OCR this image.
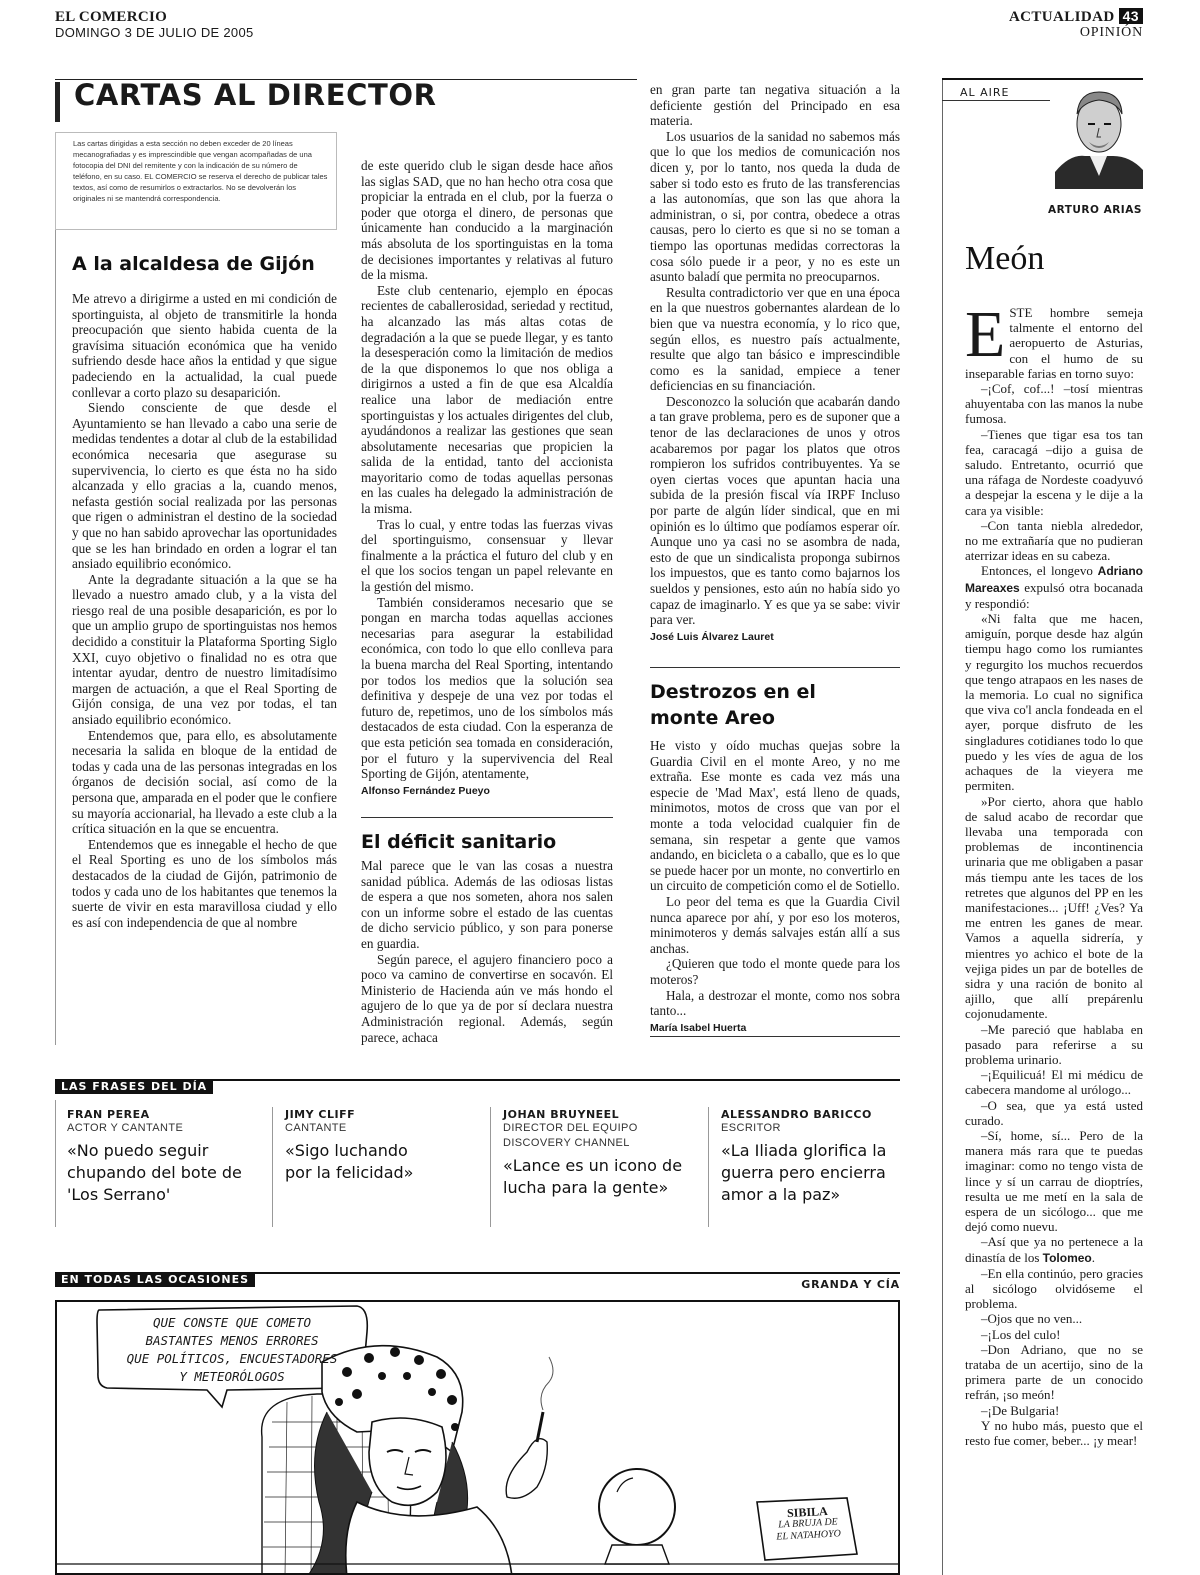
EL COMERCIO
DOMINGO 3 DE JULIO DE 2005
ACTUALIDAD 43
OPINIÓN
CARTAS AL DIRECTOR
Las cartas dirigidas a esta sección no deben exceder de 20 líneas mecanografiadas y es imprescindible que vengan acompañadas de una fotocopia del DNI del remitente y con la indicación de su número de teléfono, en su caso. EL COMERCIO se reserva el derecho de publicar tales textos, así como de resumirlos o extractarlos. No se devolverán los originales ni se mantendrá correspondencia.
A la alcaldesa de Gijón

Me atrevo a dirigirme a usted en mi condición de sportinguista, al objeto de transmitirle la honda preocupación que siento habida cuenta de la gravísima situación económica que ha venido sufriendo desde hace años la entidad y que sigue padeciendo en la actualidad, la cual puede conllevar a corto plazo su desaparición.

Siendo consciente de que desde el Ayuntamiento se han llevado a cabo una serie de medidas tendentes a dotar al club de la estabilidad económica necesaria que asegurase su supervivencia, lo cierto es que ésta no ha sido alcanzada y ello gracias a la, cuando menos, nefasta gestión social realizada por las personas que rigen o administran el destino de la sociedad y que no han sabido aprovechar las oportunidades que se les han brindado en orden a lograr el tan ansiado equilibrio económico.

Ante la degradante situación a la que se ha llevado a nuestro amado club, y a la vista del riesgo real de una posible desaparición, es por lo que un amplio grupo de sportinguistas nos hemos decidido a constituir la Plataforma Sporting Siglo XXI, cuyo objetivo o finalidad no es otra que intentar ayudar, dentro de nuestro limitadísimo margen de actuación, a que el Real Sporting de Gijón consiga, de una vez por todas, el tan ansiado equilibrio económico.

Entendemos que, para ello, es absolutamente necesaria la salida en bloque de la entidad de todas y cada una de las personas integradas en los órganos de decisión social, así como de la persona que, amparada en el poder que le confiere su mayoría accionarial, ha llevado a este club a la crítica situación en la que se encuentra.

Entendemos que es innegable el hecho de que el Real Sporting es uno de los símbolos más destacados de la ciudad de Gijón, patrimonio de todos y cada uno de los habitantes que tenemos la suerte de vivir en esta maravillosa ciudad y ello es así con independencia de que al nombre

de este querido club le sigan desde hace años las siglas SAD, que no han hecho otra cosa que propiciar la entrada en el club, por la fuerza o poder que otorga el dinero, de personas que únicamente han conducido a la marginación más absoluta de los sportinguistas en la toma de decisiones importantes y relativas al futuro de la misma.

Este club centenario, ejemplo en épocas recientes de caballerosidad, seriedad y rectitud, ha alcanzado las más altas cotas de degradación a la que se puede llegar, y es tanto la desesperación como la limitación de medios de la que disponemos lo que nos obliga a dirigirnos a usted a fin de que esa Alcaldía realice una labor de mediación entre sportinguistas y los actuales dirigentes del club, ayudándonos a realizar las gestiones que sean absolutamente necesarias que propicien la salida de la entidad, tanto del accionista mayoritario como de todas aquellas personas en las cuales ha delegado la administración de la misma.

Tras lo cual, y entre todas las fuerzas vivas del sportinguismo, consensuar y llevar finalmente a la práctica el futuro del club y en el que los socios tengan un papel relevante en la gestión del mismo.

También consideramos necesario que se pongan en marcha todas aquellas acciones necesarias para asegurar la estabilidad económica, con todo lo que ello conlleva para la buena marcha del Real Sporting, intentando por todos los medios que la solución sea definitiva y despeje de una vez por todas el futuro de, repetimos, uno de los símbolos más destacados de esta ciudad. Con la esperanza de que esta petición sea tomada en consideración, por el futuro y la supervivencia del Real Sporting de Gijón, atentamente,

Alfonso Fernández Pueyo

El déficit sanitario

Mal parece que le van las cosas a nuestra sanidad pública. Además de las odiosas listas de espera a que nos someten, ahora nos salen con un informe sobre el estado de las cuentas de dicho servicio público, y son para ponerse en guardia.

Según parece, el agujero financiero poco a poco va camino de convertirse en socavón. El Ministerio de Hacienda aún ve más hondo el agujero de lo que ya de por sí declara nuestra Administración regional. Además, según parece, achaca

en gran parte tan negativa situación a la deficiente gestión del Principado en esa materia.

Los usuarios de la sanidad no sabemos más que lo que los medios de comunicación nos dicen y, por lo tanto, nos queda la duda de saber si todo esto es fruto de las transferencias a las autonomías, que son las que ahora la administran, o si, por contra, obedece a otras causas, pero lo cierto es que si no se toman a tiempo las oportunas medidas correctoras la cosa sólo puede ir a peor, y no es este un asunto baladí que permita no preocuparnos.

Resulta contradictorio ver que en una época en la que nuestros gobernantes alardean de lo bien que va nuestra economía, y lo rico que, según ellos, es nuestro país actualmente, resulte que algo tan básico e imprescindible como es la sanidad, empiece a tener deficiencias en su financiación.

Desconozco la solución que acabarán dando a tan grave problema, pero es de suponer que a tenor de las declaraciones de unos y otros acabaremos por pagar los platos que otros rompieron los sufridos contribuyentes. Ya se oyen ciertas voces que apuntan hacia una subida de la presión fiscal vía IRPF Incluso por parte de algún líder sindical, que en mi opinión es lo último que podíamos esperar oír. Aunque uno ya casi no se asombra de nada, esto de que un sindicalista proponga subirnos los impuestos, que es tanto como bajarnos los sueldos y pensiones, esto aún no había sido yo capaz de imaginarlo. Y es que ya se sabe: vivir para ver.

José Luis Álvarez Lauret

Destrozos en el monte Areo

He visto y oído muchas quejas sobre la Guardia Civil en el monte Areo, y no me extraña. Ese monte es cada vez más una especie de 'Mad Max', está lleno de quads, minimotos, motos de cross que van por el monte a toda velocidad cualquier fin de semana, sin respetar a gente que vamos andando, en bicicleta o a caballo, que es lo que se puede hacer por un monte, no convertirlo en un circuito de competición como el de Sotiello.

Lo peor del tema es que la Guardia Civil nunca aparece por ahí, y por eso los moteros, minimoteros y demás salvajes están allí a sus anchas.

¿Quieren que todo el monte quede para los moteros?

Hala, a destrozar el monte, como nos sobra tanto...

María Isabel Huerta

LAS FRASES DEL DÍA
FRAN PEREA
ACTOR Y CANTANTE
«No puedo seguir chupando del bote de 'Los Serrano'
JIMY CLIFF
CANTANTE
«Sigo luchando por la felicidad»
JOHAN BRUYNEEL
DIRECTOR DEL EQUIPO DISCOVERY CHANNEL
«Lance es un icono de lucha para la gente»
ALESSANDRO BARICCO
ESCRITOR
«La Iliada glorifica la guerra pero encierra amor a la paz»
EN TODAS LAS OCASIONES	GRANDA Y CÍA
QUE CONSTE QUE COMETO
BASTANTES MENOS ERRORES
QUE POLÍTICOS, ENCUESTADORES
Y METEORÓLOGOS
SIBILA
LA BRUJA DE
EL NATAHOYO
AL AIRE
ARTURO ARIAS
Meón

ESTE hombre semeja talmente el entorno del aeropuerto de Asturias, con el humo de su inseparable farias en torno suyo:

–¡Cof, cof...! –tosí mientras ahuyentaba con las manos la nube fumosa.

–Tienes que tigar esa tos tan fea, caracagá –dijo a guisa de saludo. Entretanto, ocurrió que una ráfaga de Nordeste coadyuvó a despejar la escena y le dije a la cara ya visible:

–Con tanta niebla alrededor, no me extrañaría que no pudieran aterrizar ideas en su cabeza.

Entonces, el longevo Adriano Mareaxes expulsó otra bocanada y respondió:

«Ni falta que me hacen, amiguín, porque desde haz algún tiempu hago como los rumiantes y regurgito los muchos recuerdos que tengo atrapaos en les nases de la memoria. Lo cual no significa que viva co'l ancla fondeada en el ayer, porque disfruto de les singladures cotidianes todo lo que puedo y les víes de agua de los achaques de la vieyera me permiten.

»Por cierto, ahora que hablo de salud acabo de recordar que llevaba una temporada con problemas de incontinencia urinaria que me obligaben a pasar más tiempu ante les taces de los retretes que algunos del PP en les manifestaciones... ¡Uff! ¿Ves? Ya me entren les ganes de mear. Vamos a aquella sidrería, y mientres yo achico el bote de la vejiga pides un par de botelles de sidra y una ración de bonito al ajillo, que allí prepárenlu cojonudamente.

–Me pareció que hablaba en pasado para referirse a su problema urinario.

–¡Equilicuá! El mi médicu de cabecera mandome al urólogo...

–O sea, que ya está usted curado.

–Sí, home, sí... Pero de la manera más rara que te puedas imaginar: como no tengo vista de lince y sí un carrau de dioptríes, resulta ue me metí en la sala de espera de un sicólogo... que me dejó como nuevu.

–Así que ya no pertenece a la dinastía de los Tolomeo.

–En ella continúo, pero gracies al sicólogo olvidóseme el problema.

–Ojos que no ven...

–¡Los del culo!

–Don Adriano, que no se trataba de un acertijo, sino de la primera parte de un conocido refrán, ¡so meón!

–¡De Bulgaria!

Y no hubo más, puesto que el resto fue comer, beber... ¡y mear!
